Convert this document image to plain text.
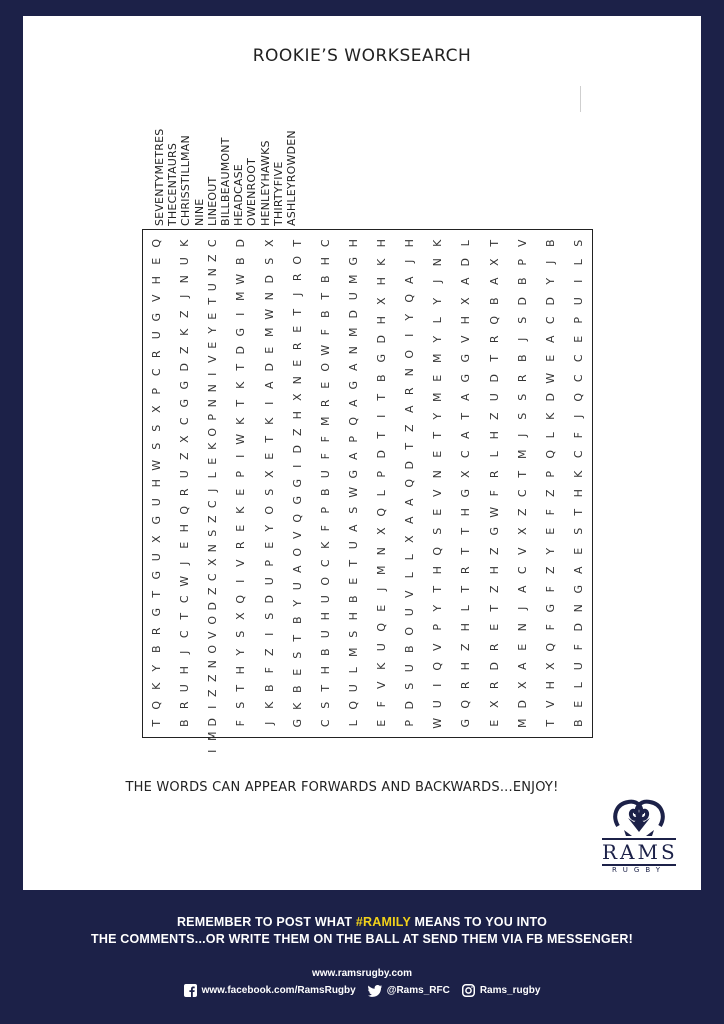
ROOKIE’S WORKSEARCH
SEVENTYMETRES THECENTAURS CHRISSTILLMAN NINE LINEOUT BILLBEAUMONT HEADCASE OWENROOT HENLEYHAWKS THIRTYFIVE ASHLEYROWDEN
Q
E
H
V
G
U
R
C
P
X
S
S
W
H
U
G
X
U
G
T
G
R
B
Y
K
Q
T
K
U
N
J
Z
K
Z
D
G
G
C
X
Z
U
R
Q
H
E
J
W
C
T
C
J
H
U
R
B
C
Z
N
U
T
E
Y
E
V
I
N
N
P
O
K
E
L
J
C
Z
S
N
X
C
Z
D
O
V
O
N
Z
Z
I
D
M
I
D
B
W
M
I
G
D
T
K
T
K
W
I
P
E
K
E
R
V
I
Q
X
S
Y
H
T
S
F
X
S
D
N
W
M
E
D
A
I
K
T
E
X
S
O
Y
E
P
U
D
S
I
Z
F
B
K
J
T
O
R
J
T
E
R
E
N
X
H
Z
D
I
G
G
Q
V
O
A
U
Y
B
T
S
E
B
K
G
C
H
B
T
B
F
W
O
E
R
M
F
F
U
B
P
F
K
C
O
U
H
U
B
H
T
S
C
H
G
M
U
D
M
N
A
G
A
Q
P
A
G
W
S
A
U
T
E
B
H
S
M
L
U
Q
L
H
K
H
X
H
D
G
B
T
I
T
D
P
L
Q
X
N
M
J
E
Q
U
K
V
F
E
H
J
A
Q
Y
I
O
N
R
A
Z
T
D
Q
A
A
X
L
L
V
U
O
B
U
S
D
P
K
N
J
Y
L
Y
M
E
M
Y
T
E
N
V
E
S
Q
H
T
Y
P
V
Q
I
U
W
L
D
A
X
H
V
G
G
A
T
A
C
X
G
H
T
T
R
T
L
H
Z
H
R
Q
G
T
X
A
B
Q
R
T
D
U
Z
H
L
R
F
W
G
Z
H
Z
T
E
R
D
R
X
E
V
P
B
D
S
J
B
R
S
S
J
M
T
C
Z
X
V
C
A
J
N
E
A
X
D
M
B
J
Y
D
C
A
E
W
D
K
L
Q
P
Z
F
E
Y
Z
F
G
F
Q
X
H
V
T
S
L
I
U
P
E
C
C
Q
J
F
C
K
H
T
S
E
A
G
N
D
F
U
L
E
B
THE WORDS CAN APPEAR FORWARDS AND BACKWARDS...ENJOY!
RAMS
RUGBY
REMEMBER TO POST WHAT #RAMILY MEANS TO YOU INTO
THE COMMENTS...OR WRITE THEM ON THE BALL AT SEND THEM VIA FB MESSENGER!
www.ramsrugby.com
www.facebook.com/RamsRugby	@Rams_RFC	Rams_rugby
